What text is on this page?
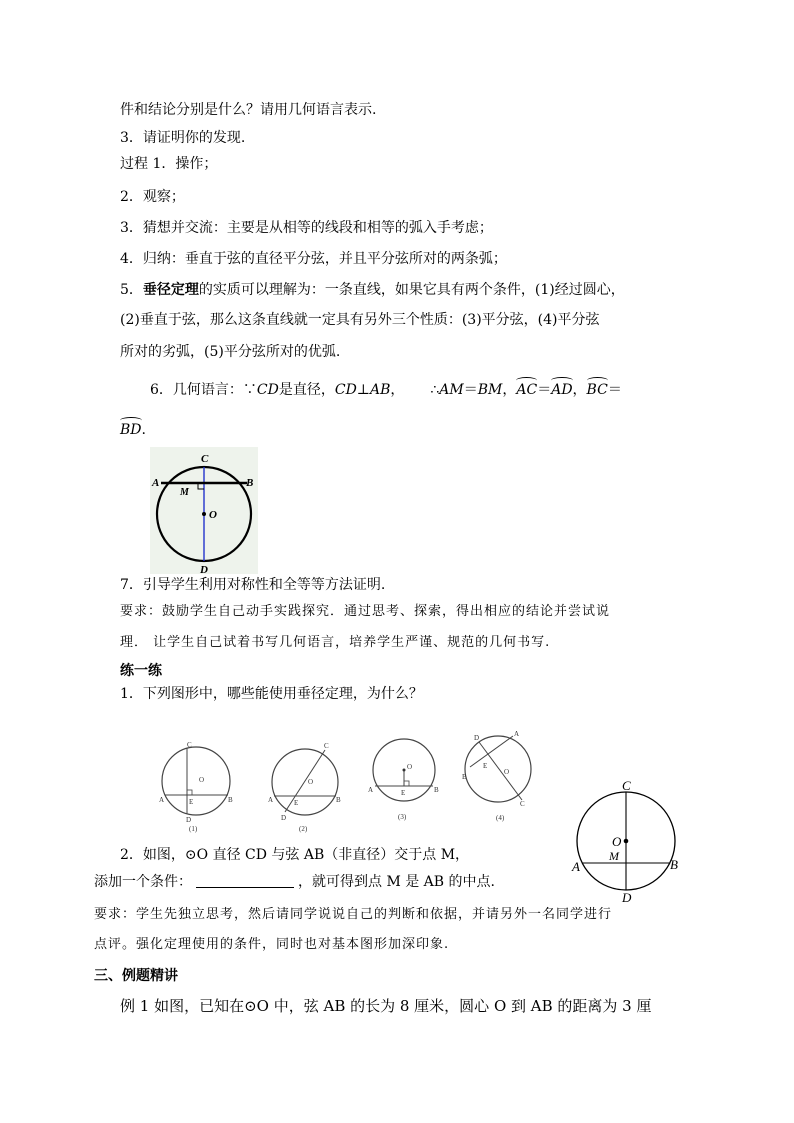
件和结论分别是什么？请用几何语言表示.
3．请证明你的发现.
过程 1．操作；
2．观察；
3．猜想并交流：主要是从相等的线段和相等的弧入手考虑；
4．归纳：垂直于弦的直径平分弦，并且平分弦所对的两条弧；
5．垂径定理的实质可以理解为：一条直线，如果它具有两个条件，(1)经过圆心，
(2)垂直于弦，那么这条直线就一定具有另外三个性质：(3)平分弦，(4)平分弦
所对的劣弧，(5)平分弦所对的优弧.
6．几何语言：∵CD是直径，CD⊥AB， ∴AM＝BM，AC＝AD，BC＝
BD.
C
A	B
M
O
D
7．引导学生利用对称性和全等等方法证明.
要求：鼓励学生自己动手实践探究．通过思考、探索，得出相应的结论并尝试说
理． 让学生自己试着书写几何语言，培养学生严谨、规范的几何书写.
练一练
1．下列图形中，哪些能使用垂径定理，为什么？
C
O
A	E	B
D
(1)
C
O
A	E	B
D
(2)
O
A	E	B
(3)
D	A
E
O
B
C
(4)
C
O
M
A	B
D
2．如图，⊙O 直径 CD 与弦 AB（非直径）交于点 M，
添加一个条件：	，就可得到点 M 是 AB 的中点.
要求：学生先独立思考，然后请同学说说自己的判断和依据，并请另外一名同学进行
点评。强化定理使用的条件，同时也对基本图形加深印象.
三、例题精讲
例 1 如图，已知在⊙O 中，弦 AB 的长为 8 厘米，圆心 O 到 AB 的距离为 3 厘
